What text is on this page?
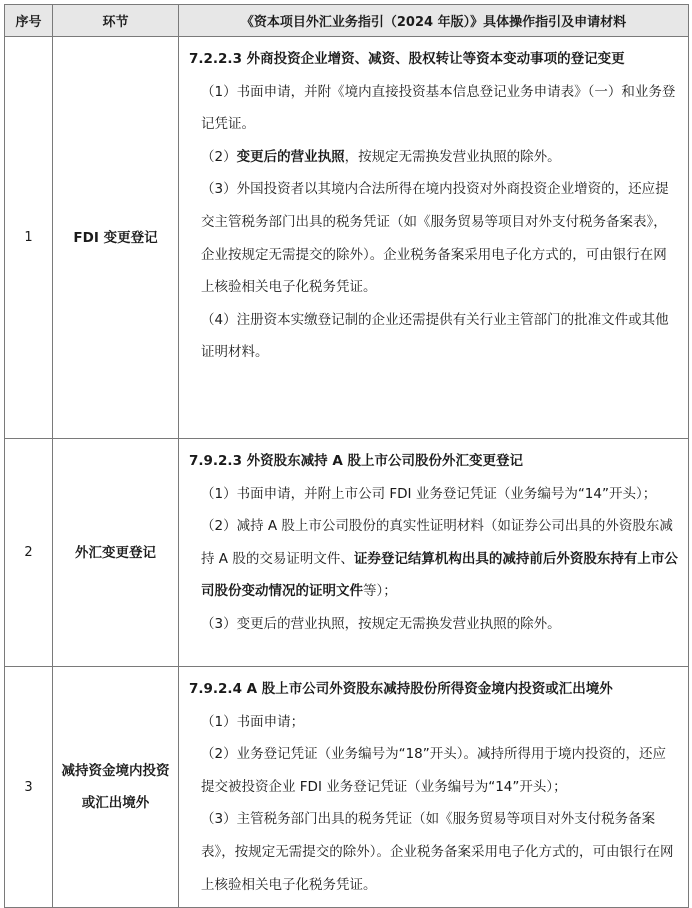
序号	环节	《资本项目外汇业务指引（2024 年版）》具体操作指引及申请材料
1	FDI 变更登记	7.2.2.3 外商投资企业增资、减资、股权转让等资本变动事项的登记变更

（1）书面申请，并附《境内直接投资基本信息登记业务申请表》（一）和业务登记凭证。

（2）变更后的营业执照，按规定无需换发营业执照的除外。

（3）外国投资者以其境内合法所得在境内投资对外商投资企业增资的，还应提交主管税务部门出具的税务凭证（如《服务贸易等项目对外支付税务备案表》，企业按规定无需提交的除外）。企业税务备案采用电子化方式的，可由银行在网上核验相关电子化税务凭证。

（4）注册资本实缴登记制的企业还需提供有关行业主管部门的批准文件或其他证明材料。

2	外汇变更登记	7.9.2.3 外资股东减持 A 股上市公司股份外汇变更登记

（1）书面申请，并附上市公司 FDI 业务登记凭证（业务编号为“14”开头）；

（2）减持 A 股上市公司股份的真实性证明材料（如证券公司出具的外资股东减持 A 股的交易证明文件、证券登记结算机构出具的减持前后外资股东持有上市公司股份变动情况的证明文件等）；

（3）变更后的营业执照，按规定无需换发营业执照的除外。

3	减持资金境内投资或汇出境外	7.9.2.4 A 股上市公司外资股东减持股份所得资金境内投资或汇出境外

（1）书面申请；

（2）业务登记凭证（业务编号为“18”开头）。减持所得用于境内投资的，还应提交被投资企业 FDI 业务登记凭证（业务编号为“14”开头）；

（3）主管税务部门出具的税务凭证（如《服务贸易等项目对外支付税务备案表》，按规定无需提交的除外）。企业税务备案采用电子化方式的，可由银行在网上核验相关电子化税务凭证。
